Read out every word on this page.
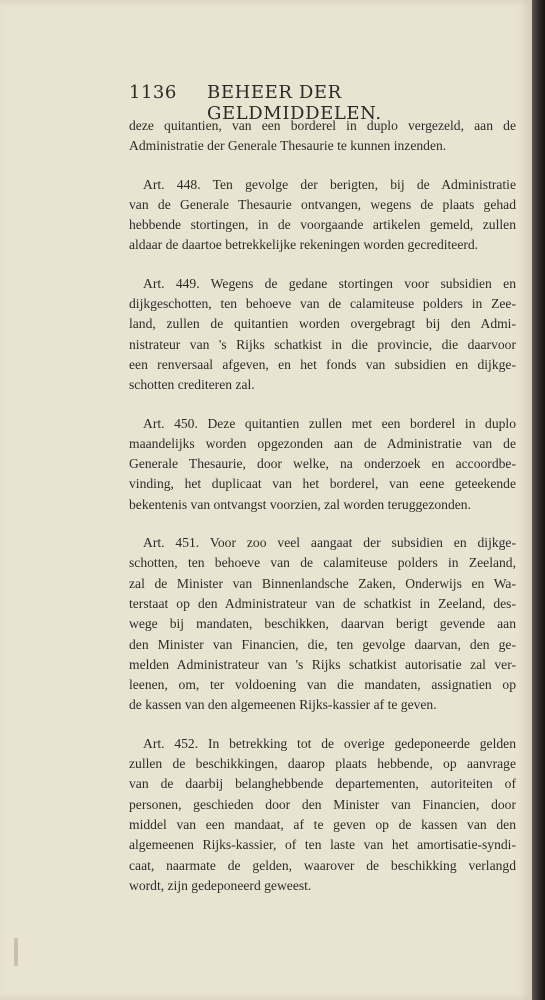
1136 BEHEER DER GELDMIDDELEN.

deze quitantien, van een borderel in duplo vergezeld, aan de
Administratie der Generale Thesaurie te kunnen inzenden.

Art. 448. Ten gevolge der berigten, bij de Administratie
van de Generale Thesaurie ontvangen, wegens de plaats gehad
hebbende stortingen, in de voorgaande artikelen gemeld, zullen
aldaar de daartoe betrekkelijke rekeningen worden gecrediteerd.

Art. 449. Wegens de gedane stortingen voor subsidien en
dijkgeschotten, ten behoeve van de calamiteuse polders in Zee-
land, zullen de quitantien worden overgebragt bij den Admi-
nistrateur van 's Rijks schatkist in die provincie, die daarvoor
een renversaal afgeven, en het fonds van subsidien en dijkge-
schotten crediteren zal.

Art. 450. Deze quitantien zullen met een borderel in duplo
maandelijks worden opgezonden aan de Administratie van de
Generale Thesaurie, door welke, na onderzoek en accoordbe-
vinding, het duplicaat van het borderel, van eene geteekende
bekentenis van ontvangst voorzien, zal worden teruggezonden.

Art. 451. Voor zoo veel aangaat der subsidien en dijkge-
schotten, ten behoeve van de calamiteuse polders in Zeeland,
zal de Minister van Binnenlandsche Zaken, Onderwijs en Wa-
terstaat op den Administrateur van de schatkist in Zeeland, des-
wege bij mandaten, beschikken, daarvan berigt gevende aan
den Minister van Financien, die, ten gevolge daarvan, den ge-
melden Administrateur van 's Rijks schatkist autorisatie zal ver-
leenen, om, ter voldoening van die mandaten, assignatien op
de kassen van den algemeenen Rijks-kassier af te geven.

Art. 452. In betrekking tot de overige gedeponeerde gelden
zullen de beschikkingen, daarop plaats hebbende, op aanvrage
van de daarbij belanghebbende departementen, autoriteiten of
personen, geschieden door den Minister van Financien, door
middel van een mandaat, af te geven op de kassen van den
algemeenen Rijks-kassier, of ten laste van het amortisatie-syndi-
caat, naarmate de gelden, waarover de beschikking verlangd
wordt, zijn gedeponeerd geweest.
